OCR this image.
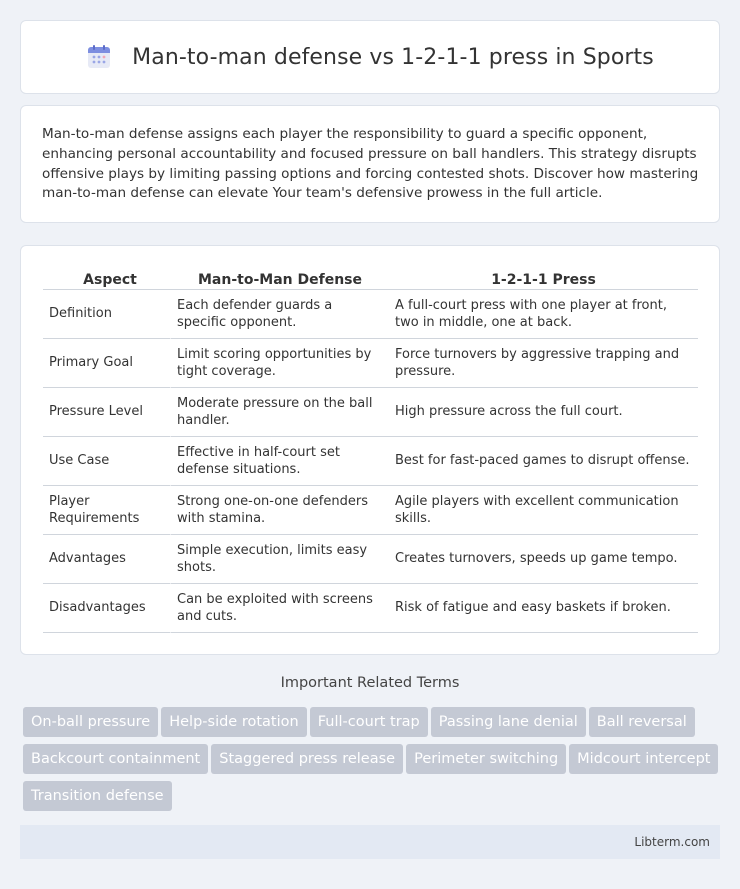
Man-to-man defense vs 1-2-1-1 press in Sports

Man-to-man defense assigns each player the responsibility to guard a specific opponent, enhancing personal accountability and focused pressure on ball handlers. This strategy disrupts offensive plays by limiting passing options and forcing contested shots. Discover how mastering man-to-man defense can elevate Your team's defensive prowess in the full article.

Aspect	Man-to-Man Defense	1-2-1-1 Press
Definition	Each defender guards a specific opponent.	A full-court press with one player at front, two in middle, one at back.
Primary Goal	Limit scoring opportunities by tight coverage.	Force turnovers by aggressive trapping and pressure.
Pressure Level	Moderate pressure on the ball handler.	High pressure across the full court.
Use Case	Effective in half-court set defense situations.	Best for fast-paced games to disrupt offense.
Player Requirements	Strong one-on-one defenders with stamina.	Agile players with excellent communication skills.
Advantages	Simple execution, limits easy shots.	Creates turnovers, speeds up game tempo.
Disadvantages	Can be exploited with screens and cuts.	Risk of fatigue and easy baskets if broken.
Important Related Terms
On-ball pressure Help-side rotation Full-court trap Passing lane denial Ball reversal
Backcourt containment Staggered press release Perimeter switching Midcourt intercept
Transition defense
Libterm.com
